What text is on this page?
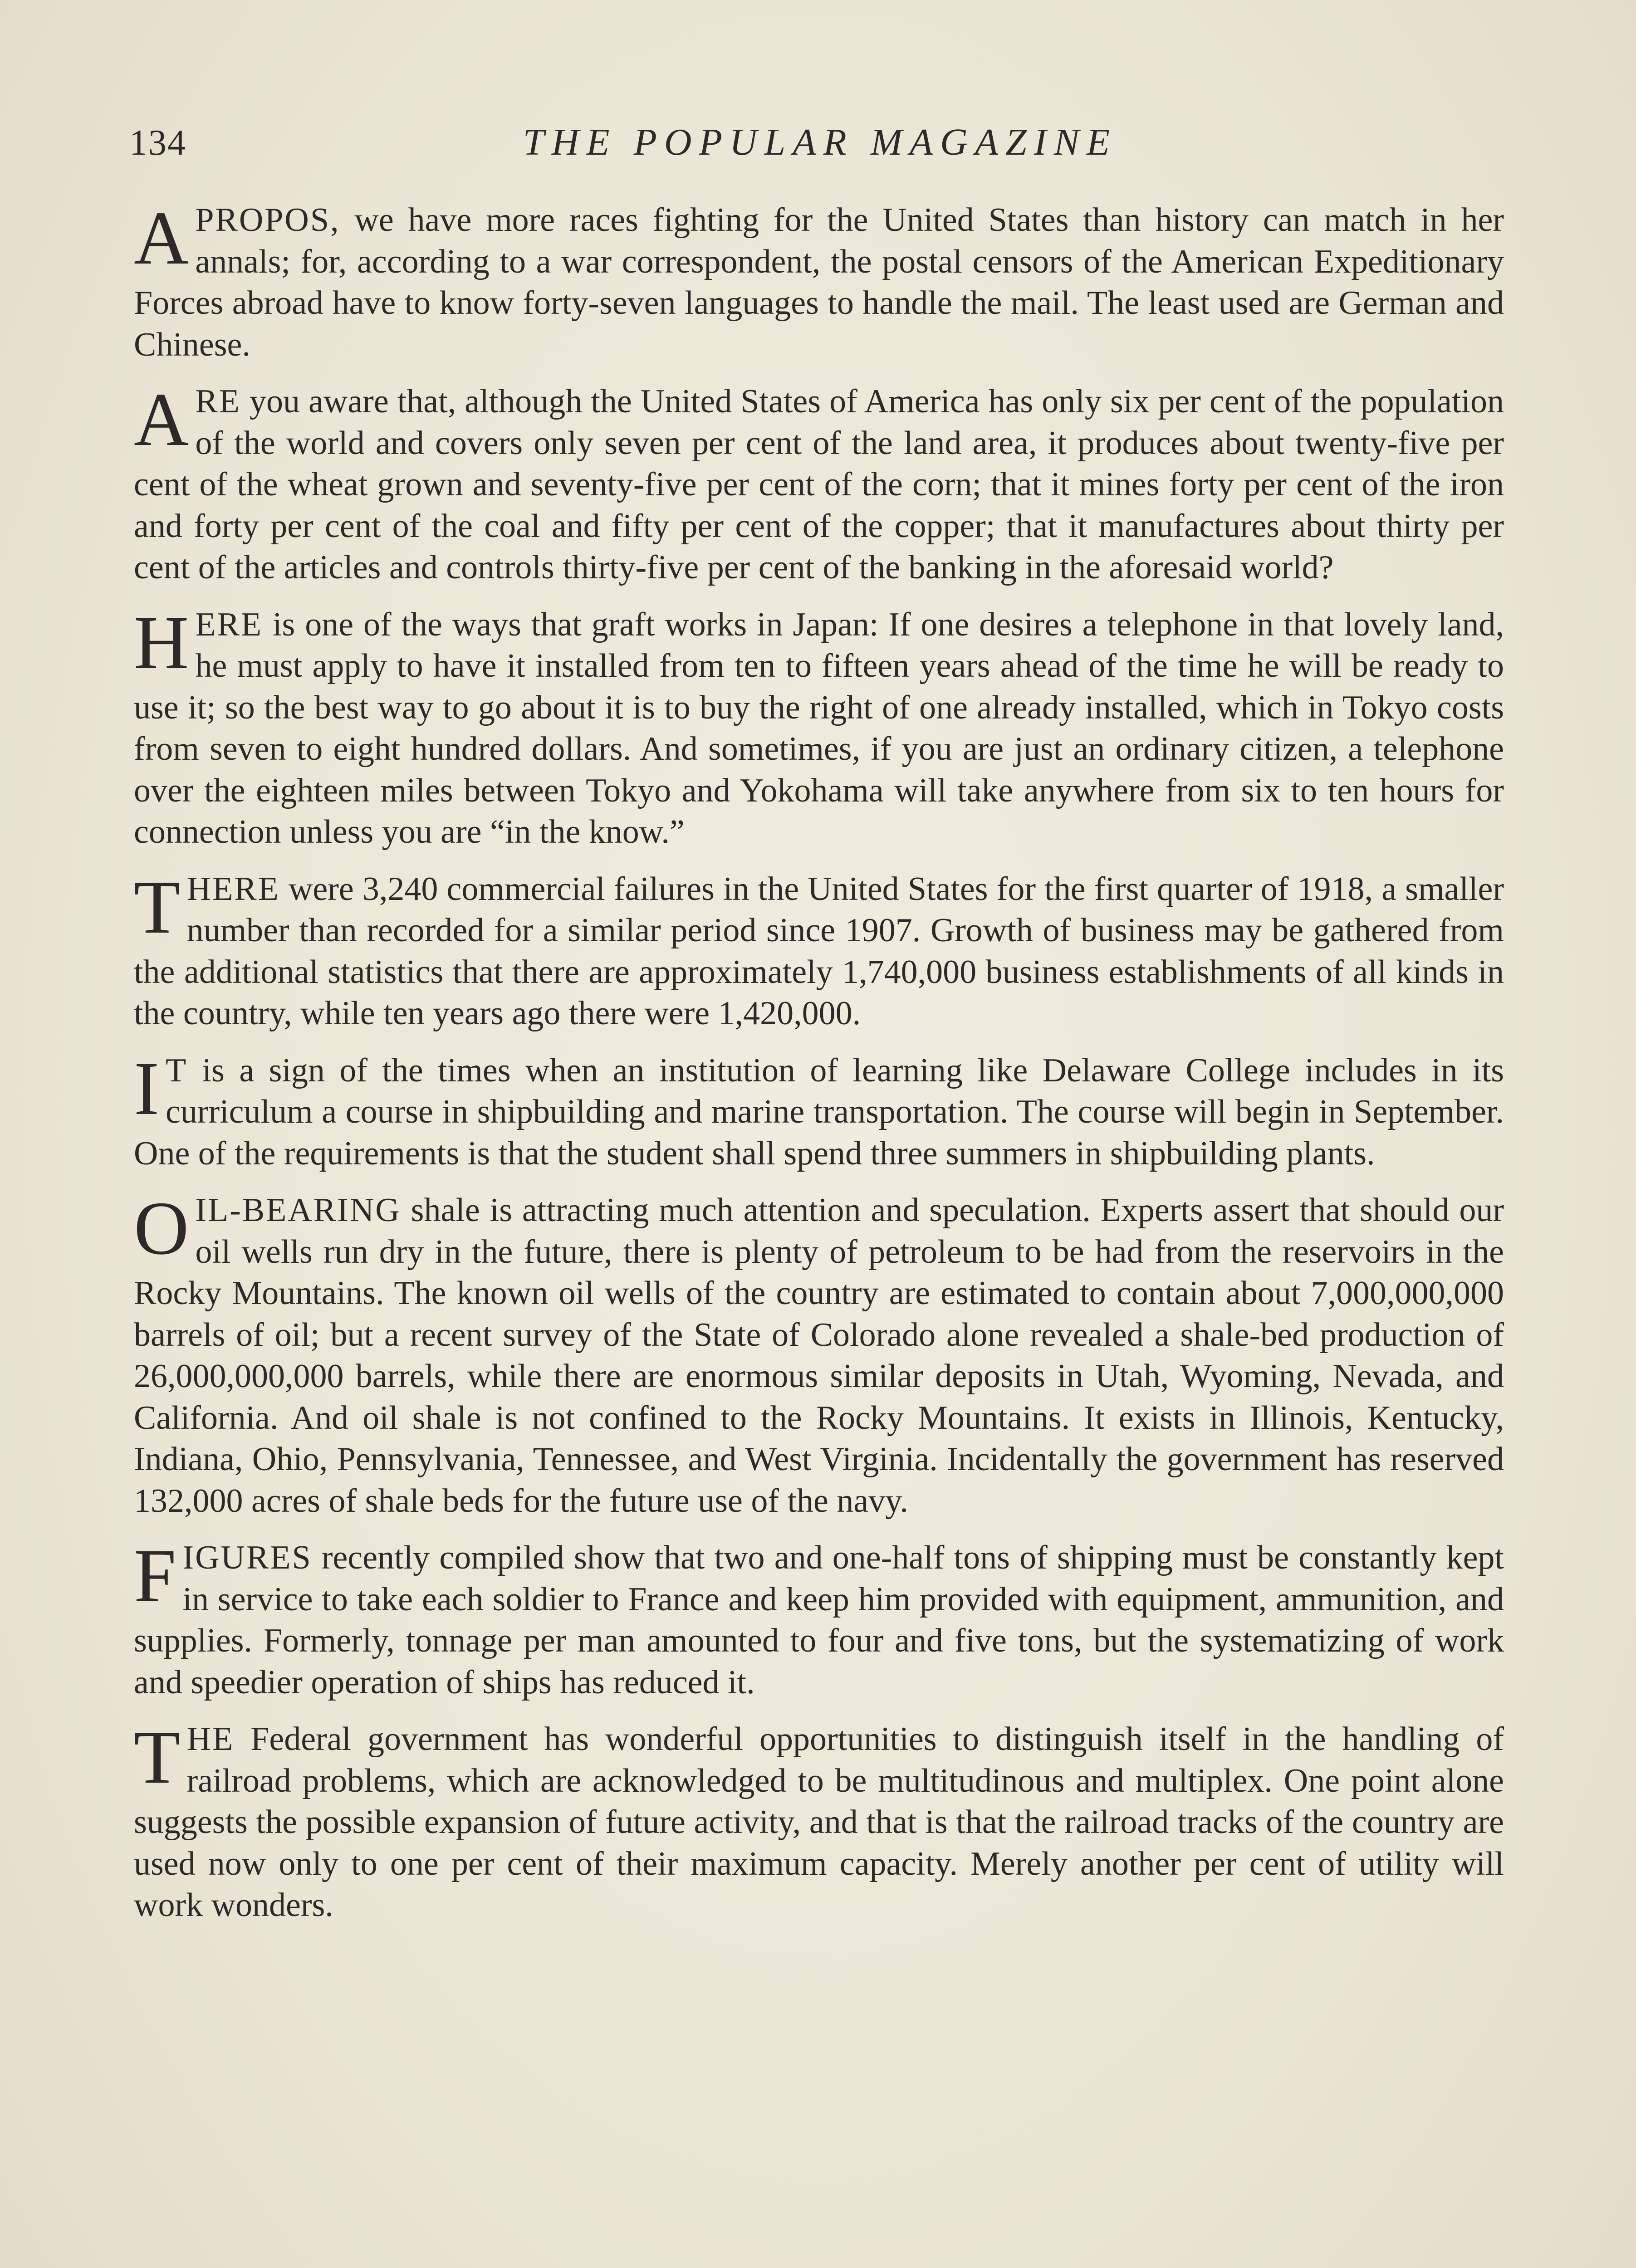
134	THE POPULAR MAGAZINE

APROPOS, we have more races fighting for the United States than history can match in her annals; for, according to a war correspondent, the postal censors of the American Expeditionary Forces abroad have to know forty-seven languages to handle the mail. The least used are German and Chinese.

ARE you aware that, although the United States of America has only six per cent of the population of the world and covers only seven per cent of the land area, it produces about twenty-five per cent of the wheat grown and seventy-five per cent of the corn; that it mines forty per cent of the iron and forty per cent of the coal and fifty per cent of the copper; that it manufactures about thirty per cent of the articles and controls thirty-five per cent of the banking in the aforesaid world?

HERE is one of the ways that graft works in Japan: If one desires a telephone in that lovely land, he must apply to have it installed from ten to fifteen years ahead of the time he will be ready to use it; so the best way to go about it is to buy the right of one already installed, which in Tokyo costs from seven to eight hundred dollars. And sometimes, if you are just an ordinary citizen, a telephone over the eighteen miles between Tokyo and Yokohama will take anywhere from six to ten hours for connection unless you are “in the know.”

THERE were 3,240 commercial failures in the United States for the first quarter of 1918, a smaller number than recorded for a similar period since 1907. Growth of business may be gathered from the additional statistics that there are approximately 1,740,000 business establishments of all kinds in the country, while ten years ago there were 1,420,000.

I T is a sign of the times when an institution of learning like Delaware College includes in its curriculum a course in shipbuilding and marine transportation. The course will begin in September. One of the requirements is that the student shall spend three summers in shipbuilding plants.

OIL-BEARING shale is attracting much attention and speculation. Experts assert that should our oil wells run dry in the future, there is plenty of petroleum to be had from the reservoirs in the Rocky Mountains. The known oil wells of the country are estimated to contain about 7,000,000,000 barrels of oil; but a recent survey of the State of Colorado alone revealed a shale-bed production of 26,000,000,000 barrels, while there are enormous similar deposits in Utah, Wyoming, Nevada, and California. And oil shale is not confined to the Rocky Mountains. It exists in Illinois, Kentucky, Indiana, Ohio, Pennsylvania, Tennessee, and West Virginia. Incidentally the government has reserved 132,000 acres of shale beds for the future use of the navy.

FIGURES recently compiled show that two and one-half tons of shipping must be constantly kept in service to take each soldier to France and keep him provided with equipment, ammunition, and supplies. Formerly, tonnage per man amounted to four and five tons, but the systematizing of work and speedier operation of ships has reduced it.

THE Federal government has wonderful opportunities to distinguish itself in the handling of railroad problems, which are acknowledged to be multitudinous and multiplex. One point alone suggests the possible expansion of future activity, and that is that the railroad tracks of the country are used now only to one per cent of their maximum capacity. Merely another per cent of utility will work wonders.
